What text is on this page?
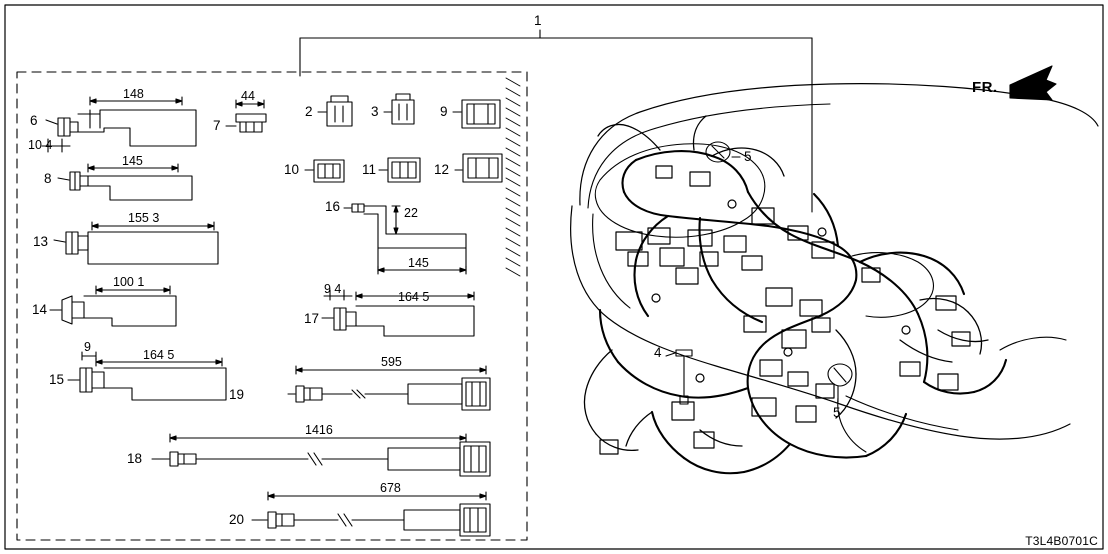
1
6	7
2	3	9
8
10	11	12
13
16
14
17
15
19
18
20
148
10 4
44
145
155 3	22
145
100 1	9 4
164 5
9
164 5	595
1416
678
5
4
5
FR.
T3L4B0701C
